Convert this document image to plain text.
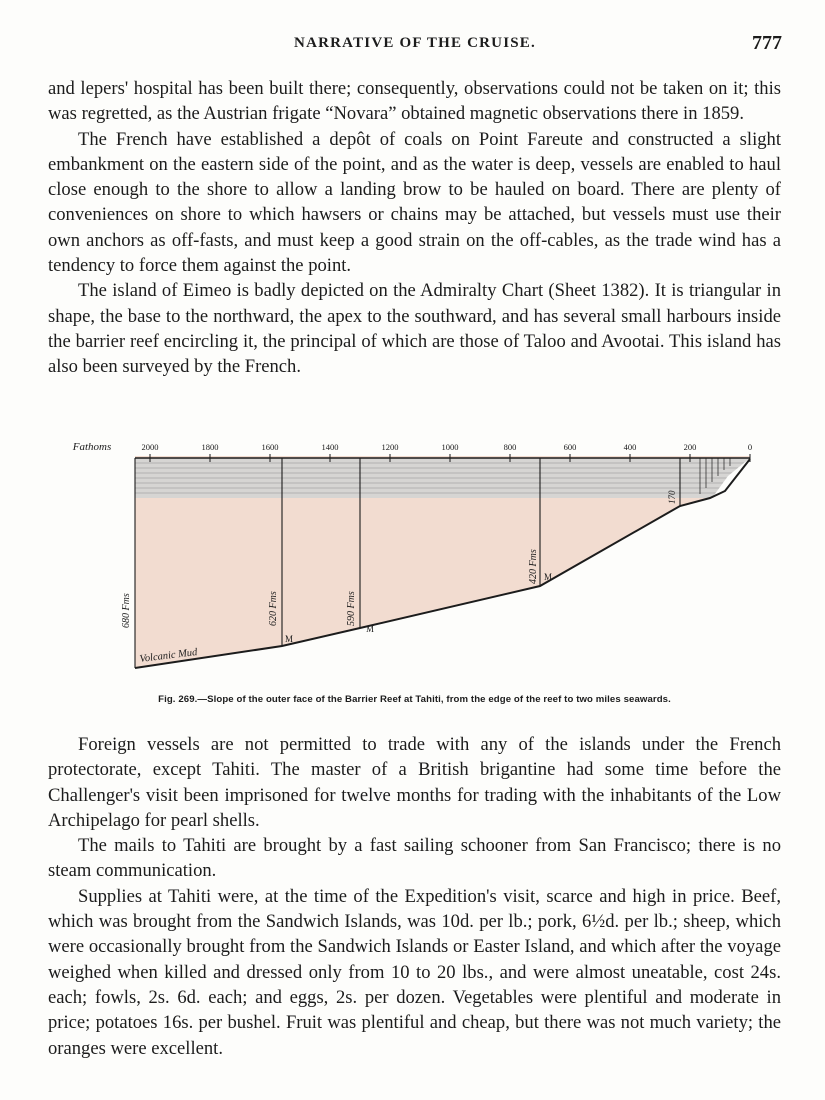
NARRATIVE OF THE CRUISE.	777

and lepers' hospital has been built there; consequently, observations could not be taken on it; this was regretted, as the Austrian frigate “Novara” obtained magnetic observations there in 1859.

The French have established a depôt of coals on Point Fareute and constructed a slight embankment on the eastern side of the point, and as the water is deep, vessels are enabled to haul close enough to the shore to allow a landing brow to be hauled on board. There are plenty of conveniences on shore to which hawsers or chains may be attached, but vessels must use their own anchors as off-fasts, and must keep a good strain on the off-cables, as the trade wind has a tendency to force them against the point.

The island of Eimeo is badly depicted on the Admiralty Chart (Sheet 1382). It is triangular in shape, the base to the northward, the apex to the southward, and has several small harbours inside the barrier reef encircling it, the principal of which are those of Taloo and Avootai. This island has also been surveyed by the French.

Fathoms	2000	1800	1600	1400	1200	1000	800	600	400	200	0
680 Fms	620 Fms	590 Fms
420 Fms
170
M
M
M
Volcanic Mud
Fig. 269.—Slope of the outer face of the Barrier Reef at Tahiti, from the edge of the reef to two miles seawards.

Foreign vessels are not permitted to trade with any of the islands under the French protectorate, except Tahiti. The master of a British brigantine had some time before the Challenger's visit been imprisoned for twelve months for trading with the inhabitants of the Low Archipelago for pearl shells.

The mails to Tahiti are brought by a fast sailing schooner from San Francisco; there is no steam communication.

Supplies at Tahiti were, at the time of the Expedition's visit, scarce and high in price. Beef, which was brought from the Sandwich Islands, was 10d. per lb.; pork, 6½d. per lb.; sheep, which were occasionally brought from the Sandwich Islands or Easter Island, and which after the voyage weighed when killed and dressed only from 10 to 20 lbs., and were almost uneatable, cost 24s. each; fowls, 2s. 6d. each; and eggs, 2s. per dozen. Vegetables were plentiful and moderate in price; potatoes 16s. per bushel. Fruit was plentiful and cheap, but there was not much variety; the oranges were excellent.
